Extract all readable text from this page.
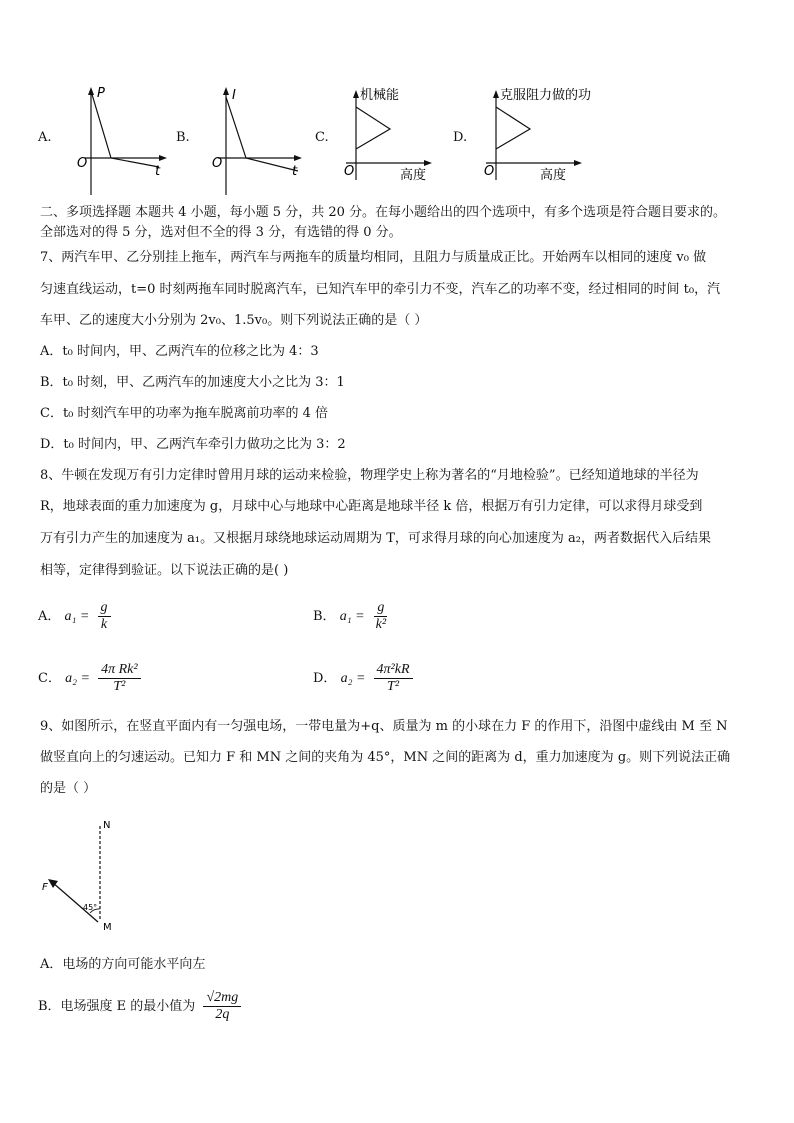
A.
P
O
t
B.
I
O
t
C.
机械能
O	高度
D.
克服阻力做的功
O	高度
二、多项选择题 本题共 4 小题，每小题 5 分，共 20 分。在每小题给出的四个选项中，有多个选项是符合题目要求的。
全部选对的得 5 分，选对但不全的得 3 分，有选错的得 0 分。
7、两汽车甲、乙分别挂上拖车，两汽车与两拖车的质量均相同，且阻力与质量成正比。开始两车以相同的速度 v₀ 做
匀速直线运动，t=0 时刻两拖车同时脱离汽车，已知汽车甲的牵引力不变，汽车乙的功率不变，经过相同的时间 t₀，汽
车甲、乙的速度大小分别为 2v₀、1.5v₀。则下列说法正确的是（ ）
A．t₀ 时间内，甲、乙两汽车的位移之比为 4：3
B．t₀ 时刻，甲、乙两汽车的加速度大小之比为 3：1
C．t₀ 时刻汽车甲的功率为拖车脱离前功率的 4 倍
D．t₀ 时间内，甲、乙两汽车牵引力做功之比为 3：2
8、牛顿在发现万有引力定律时曾用月球的运动来检验，物理学史上称为著名的“月地检验”。已经知道地球的半径为
R，地球表面的重力加速度为 g，月球中心与地球中心距离是地球半径 k 倍，根据万有引力定律，可以求得月球受到
万有引力产生的加速度为 a₁。又根据月球绕地球运动周期为 T，可求得月球的向心加速度为 a₂，两者数据代入后结果
相等，定律得到验证。以下说法正确的是( )
A． $a_1 = \frac{g}{k}$	B． $a_1 = \frac{g}{\text{k²}}$
C． $a_2 = \frac{\text{4π Rk²}}{\text{T²}}$	D． $a_2 = \frac{\text{4π²kR}}{\text{T²}}$
9、如图所示，在竖直平面内有一匀强电场，一带电量为+q、质量为 m 的小球在力 F 的作用下，沿图中虚线由 M 至 N
做竖直向上的匀速运动。已知力 F 和 MN 之间的夹角为 45°，MN 之间的距离为 d，重力加速度为 g。则下列说法正确
的是（ ）
N
M
F
45°
A．电场的方向可能水平向左
B．电场强度 E 的最小值为 $\frac{√2mg}{2q}$
